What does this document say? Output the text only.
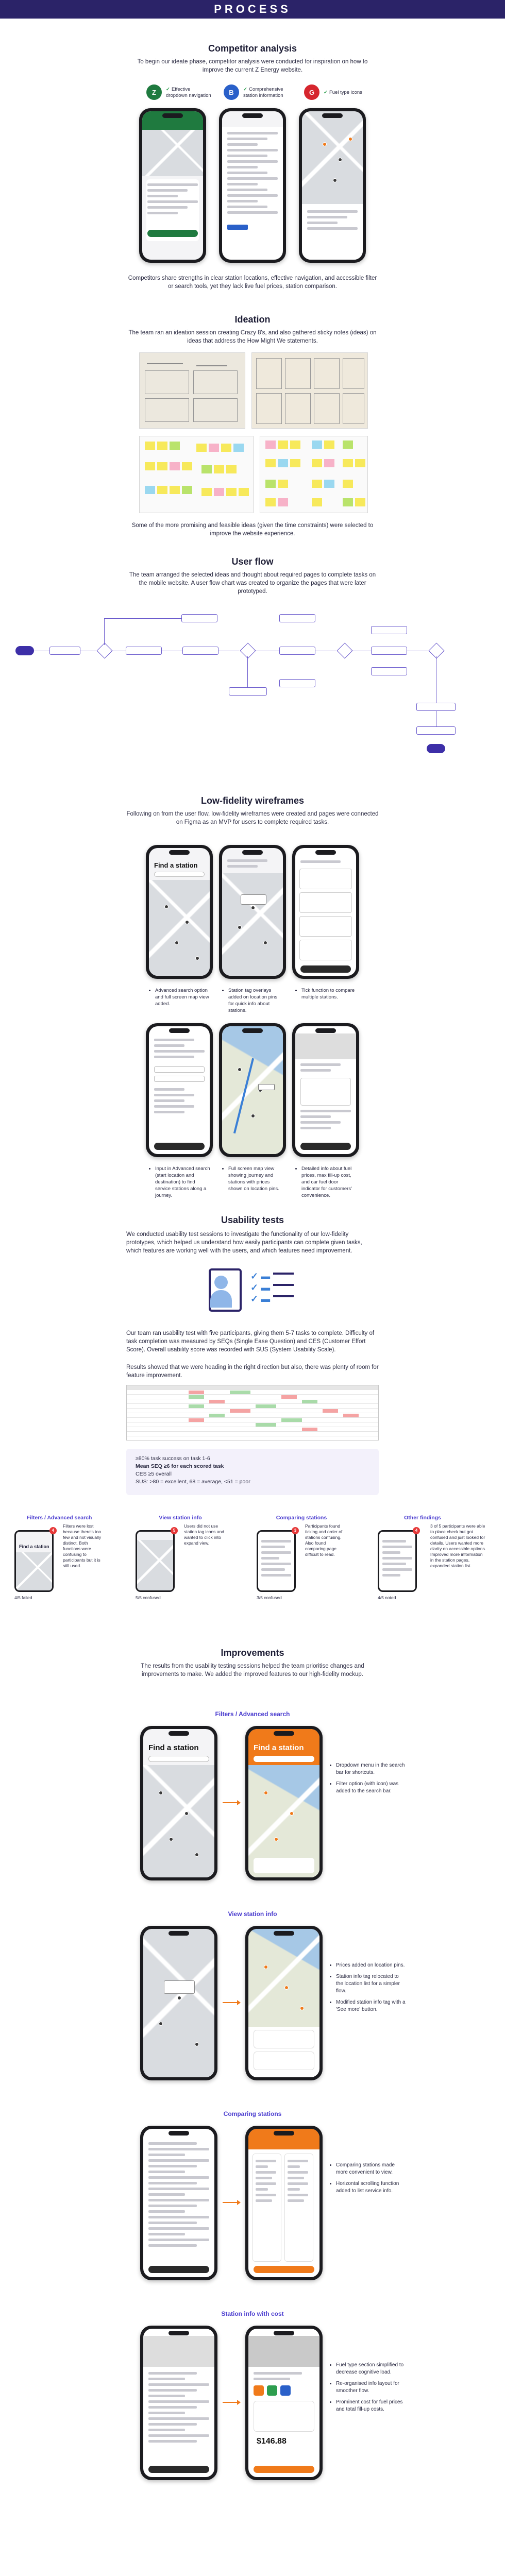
PROCESS
Competitor analysis
To begin our ideate phase, competitor analysis were conducted for inspiration on how to improve the current Z Energy website.
Z	✓ Effective dropdown navigation	B	✓ Comprehensive station information	G	✓ Fuel type icons
Competitors share strengths in clear station locations, effective navigation, and accessible filter or search tools, yet they lack live fuel prices, station comparison.
Ideation
The team ran an ideation session creating Crazy 8's, and also gathered sticky notes (ideas) on ideas that address the How Might We statements.
Some of the more promising and feasible ideas (given the time constraints) were selected to improve the website experience.
User flow
The team arranged the selected ideas and thought about required pages to complete tasks on the mobile website. A user flow chart was created to organize the pages that were later prototyped.
Low-fidelity wireframes
Following on from the user flow, low-fidelity wireframes were created and pages were connected on Figma as an MVP for users to complete required tasks.
Find a station
• Advanced search option and full screen map view added.
• Station tag overlays added on location pins for quick info about stations.
• Tick function to compare multiple stations.
• Input in Advanced search (start location and destination) to find service stations along a journey.
• Full screen map view showing journey and stations with prices shown on location pins.
• Detailed info about fuel prices, max fill-up cost, and car fuel door indicator for customers' convenience.
Usability tests
We conducted usability test sessions to investigate the functionality of our low-fidelity prototypes, which helped us understand how easily participants can complete given tasks, which features are working well with the users, and which features need improvement.
✓ ▬
✓ ▬
✓ ▬
Our team ran usability test with five participants, giving them 5-7 tasks to complete. Difficulty of task completion was measured by SEQs (Single Ease Question) and CES (Customer Effort Score). Overall usability score was recorded with SUS (System Usability Scale).
Results showed that we were heading in the right direction but also, there was plenty of room for feature improvement.
≥80% task success on task 1-6
Mean SEQ ≥6 for each scored task
CES ≥5 overall
SUS: >80 = excellent, 68 = average, <51 = poor
Filters / Advanced search
Filters were lost because there's too few and not visually distinct. Both functions were confusing to participants but it is still used.
View station info
Users did not use station tag icons and wanted to click into expand view.
Comparing stations
Participants found ticking and order of stations confusing. Also found comparing page difficult to read.
Other findings
3 of 5 participants were able to place check but got confused and just looked for details. Users wanted more clarity on accessible options. Improved more information in the station pages, expanded station list.
Find a station
4	5	3	4
4/5 failed	5/5 confused	3/5 confused	4/5 noted
Improvements
The results from the usability testing sessions helped the team prioritise changes and improvements to make. We added the improved features to our high-fidelity mockup.
Filters / Advanced search
Find a station	Find a station
• Dropdown menu in the search bar for shortcuts.
• Filter option (with icon) was added to the search bar.
View station info
• Prices added on location pins.
• Station info tag relocated to the location list for a simpler flow.
• Modified station info tag with a 'See more' button.
Comparing stations
• Comparing stations made more convenient to view.
• Horizontal scrolling function added to list service info.
Station info with cost
$146.88
• Fuel type section simplified to decrease cognitive load.
• Re-organised info layout for smoother flow.
• Prominent cost for fuel prices and total fill-up costs.
